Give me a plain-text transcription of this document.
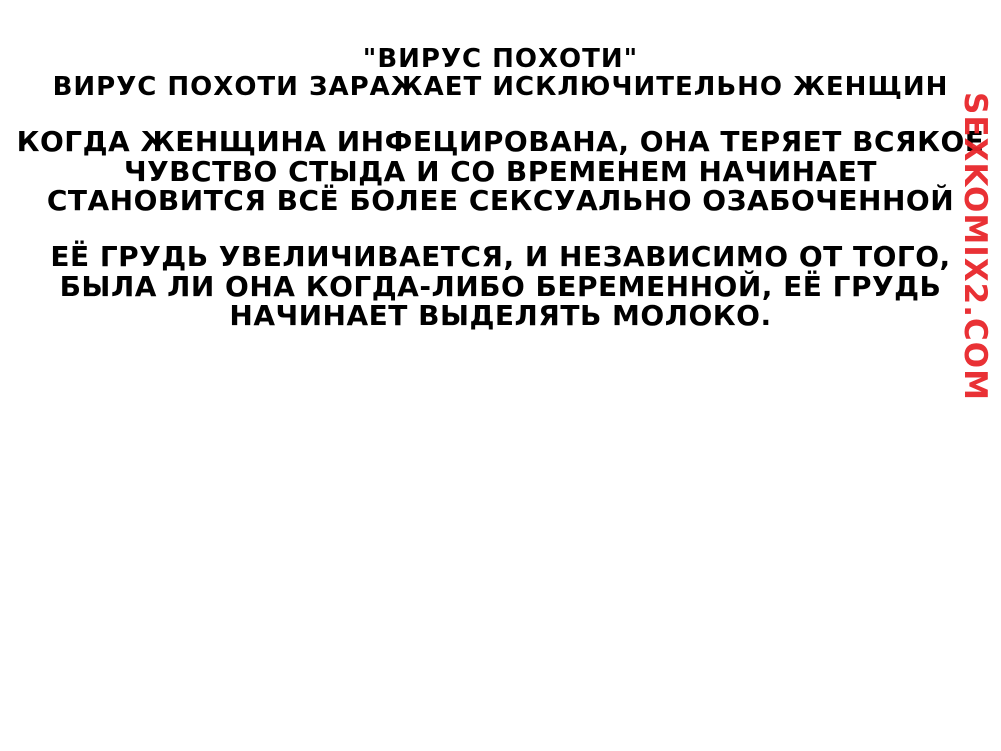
"ВИРУС ПОХОТИ"
ВИРУС ПОХОТИ ЗАРАЖАЕТ ИСКЛЮЧИТЕЛЬНО ЖЕНЩИН
КОГДА ЖЕНЩИНА ИНФЕЦИРОВАНА, ОНА ТЕРЯЕТ ВСЯКОЕ
ЧУВСТВО СТЫДА И СО ВРЕМЕНЕМ НАЧИНАЕТ
СТАНОВИТСЯ ВСЁ БОЛЕЕ СЕКСУАЛЬНО ОЗАБОЧЕННОЙ
ЕЁ ГРУДЬ УВЕЛИЧИВАЕТСЯ, И НЕЗАВИСИМО ОТ ТОГО,
БЫЛА ЛИ ОНА КОГДА-ЛИБО БЕРЕМЕННОЙ, ЕЁ ГРУДЬ
НАЧИНАЕТ ВЫДЕЛЯТЬ МОЛОКО.	SEXKOMIX2.COM
